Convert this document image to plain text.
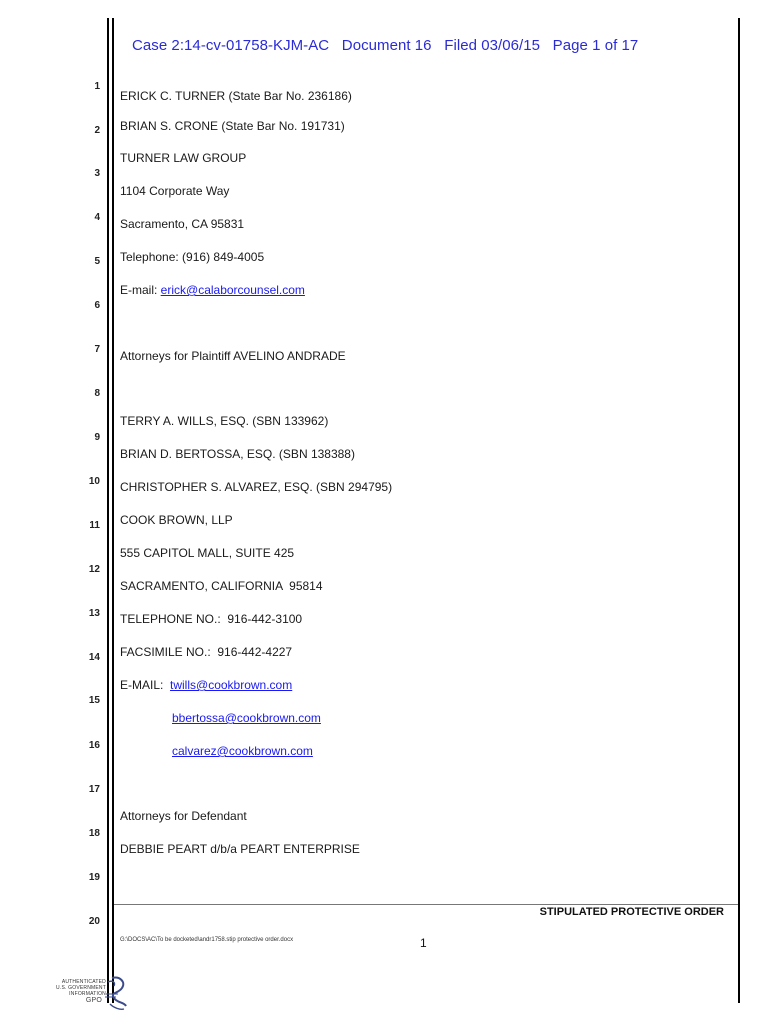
Case 2:14-cv-01758-KJM-AC   Document 16   Filed 03/06/15   Page 1 of 17
1
2
3
4
5
6
7
8
9
10
11
12
13
14
15
16
17
18
19
20
ERICK C. TURNER (State Bar No. 236186)
BRIAN S. CRONE (State Bar No. 191731)
TURNER LAW GROUP
1104 Corporate Way
Sacramento, CA 95831
Telephone: (916) 849-4005
E-mail: erick@calaborcounsel.com
Attorneys for Plaintiff AVELINO ANDRADE
TERRY A. WILLS, ESQ. (SBN 133962)
BRIAN D. BERTOSSA, ESQ. (SBN 138388)
CHRISTOPHER S. ALVAREZ, ESQ. (SBN 294795)
COOK BROWN, LLP
555 CAPITOL MALL, SUITE 425
SACRAMENTO, CALIFORNIA  95814
TELEPHONE NO.:  916-442-3100
FACSIMILE NO.:  916-442-4227
E-MAIL:  twills@cookbrown.com
bbertossa@cookbrown.com
calvarez@cookbrown.com
Attorneys for Defendant
DEBBIE PEART d/b/a PEART ENTERPRISE
STIPULATED PROTECTIVE ORDER
G:\DOCS\AC\To be docketed\andr1758.stip protective order.docx	1
AUTHENTICATED
U.S. GOVERNMENT
INFORMATION
GPO
